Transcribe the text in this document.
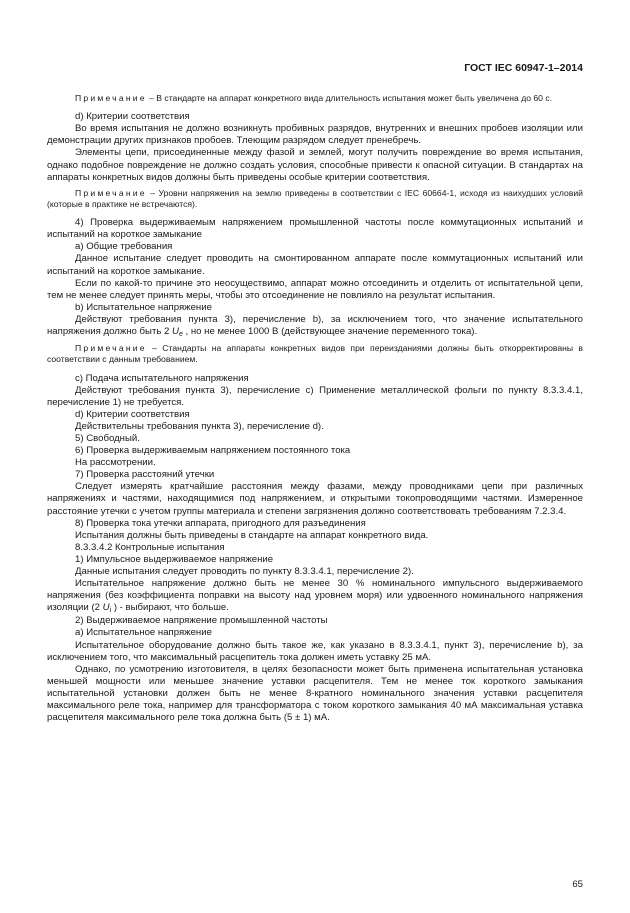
ГОСТ IEC 60947-1–2014

Примечание – В стандарте на аппарат конкретного вида длительность испытания может быть увеличена до 60 с.

d) Критерии соответствия

Во время испытания не должно возникнуть пробивных разрядов, внутренних и внешних пробоев изоляции или демонстрации других признаков пробоев. Тлеющим разрядом следует пренебречь.

Элементы цепи, присоединенные между фазой и землей, могут получить повреждение во время испытания, однако подобное повреждение не должно создать условия, способные привести к опасной ситуации. В стандартах на аппараты конкретных видов должны быть приведены особые критерии соответствия.

Примечание – Уровни напряжения на землю приведены в соответствии с IEC 60664-1, исходя из наихудших условий (которые в практике не встречаются).

4) Проверка выдерживаемым напряжением промышленной частоты после коммутационных испытаний и испытаний на короткое замыкание

a) Общие требования

Данное испытание следует проводить на смонтированном аппарате после коммутационных испытаний или испытаний на короткое замыкание.

Если по какой-то причине это неосуществимо, аппарат можно отсоединить и отделить от испытательной цепи, тем не менее следует принять меры, чтобы это отсоединение не повлияло на результат испытания.

b) Испытательное напряжение

Действуют требования пункта 3), перечисление b), за исключением того, что значение испытательного напряжения должно быть 2 $U_e$ , но не менее 1000 В (действующее значение переменного тока).

Примечание – Стандарты на аппараты конкретных видов при переизданиями должны быть откорректированы в соответствии с данным требованием.

c) Подача испытательного напряжения

Действуют требования пункта 3), перечисление c) Применение металлической фольги по пункту 8.3.3.4.1, перечисление 1) не требуется.

d) Критерии соответствия

Действительны требования пункта 3), перечисление d).

5) Свободный.

6) Проверка выдерживаемым напряжением постоянного тока

На рассмотрении.

7) Проверка расстояний утечки

Следует измерять кратчайшие расстояния между фазами, между проводниками цепи при различных напряжениях и частями, находящимися под напряжением, и открытыми токопроводящими частями. Измеренное расстояние утечки с учетом группы материала и степени загрязнения должно соответствовать требованиям 7.2.3.4.

8) Проверка тока утечки аппарата, пригодного для разъединения

Испытания должны быть приведены в стандарте на аппарат конкретного вида.

8.3.3.4.2 Контрольные испытания

1) Импульсное выдерживаемое напряжение

Данные испытания следует проводить по пункту 8.3.3.4.1, перечисление 2).

Испытательное напряжение должно быть не менее 30 % номинального импульсного выдерживаемого напряжения (без коэффициента поправки на высоту над уровнем моря) или удвоенного номинального напряжения изоляции (2 $U_i$ ) - выбирают, что больше.

2) Выдерживаемое напряжение промышленной частоты

a) Испытательное напряжение

Испытательное оборудование должно быть такое же, как указано в 8.3.3.4.1, пункт 3), перечисление b), за исключением того, что максимальный расцепитель тока должен иметь уставку 25 мА.

Однако, по усмотрению изготовителя, в целях безопасности может быть применена испытательная установка меньшей мощности или меньшее значение уставки расцепителя. Тем не менее ток короткого замыкания испытательной установки должен быть не менее 8-кратного номинального значения уставки расцепителя максимального реле тока, например для трансформатора с током короткого замыкания 40 мА максимальная уставка расцепителя максимального реле тока должна быть (5 ± 1) мА.

65
